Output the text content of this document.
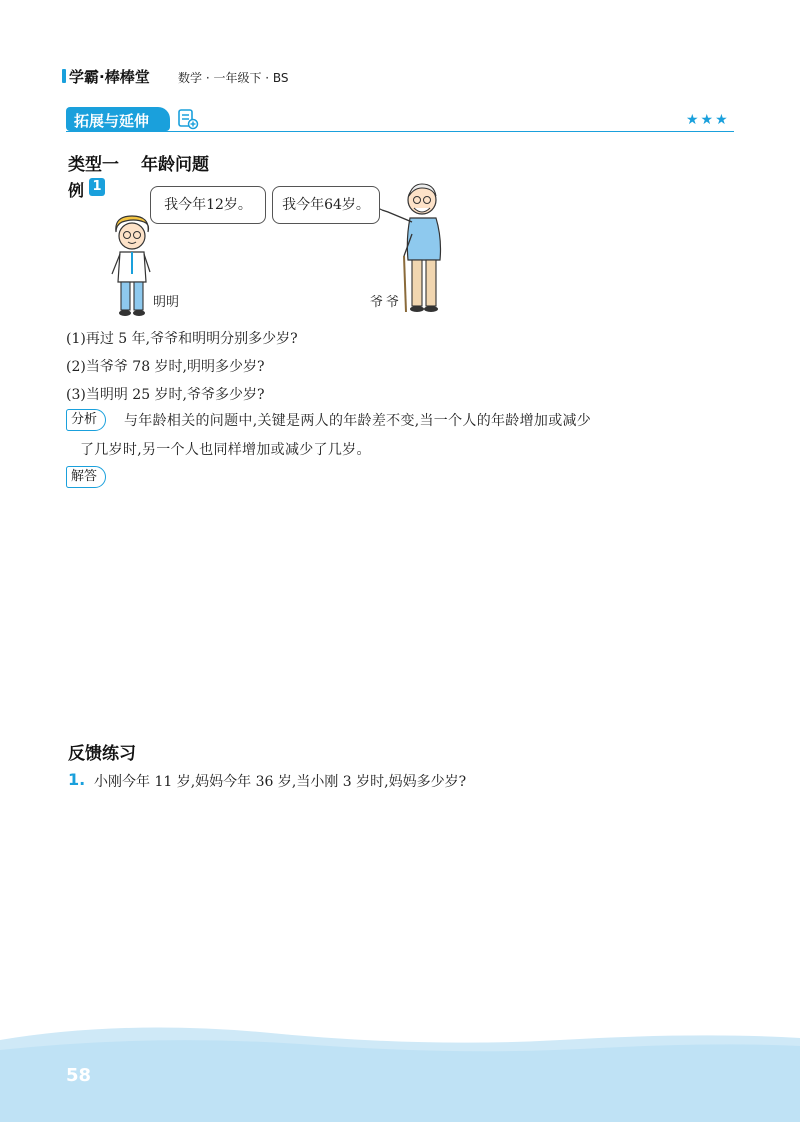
学霸·棒棒堂 数学 · 一年级下 · BS
拓展与延伸	★★★
类型一 年龄问题
例 1
我今年12岁。	我今年64岁。
明明	爷爷
(1)再过 5 年,爷爷和明明分别多少岁?
(2)当爷爷 78 岁时,明明多少岁?
(3)当明明 25 岁时,爷爷多少岁?
分析	与年龄相关的问题中,关键是两人的年龄差不变,当一个人的年龄增加或减少
了几岁时,另一个人也同样增加或减少了几岁。
解答
反馈练习
1. 小刚今年 11 岁,妈妈今年 36 岁,当小刚 3 岁时,妈妈多少岁?
58
